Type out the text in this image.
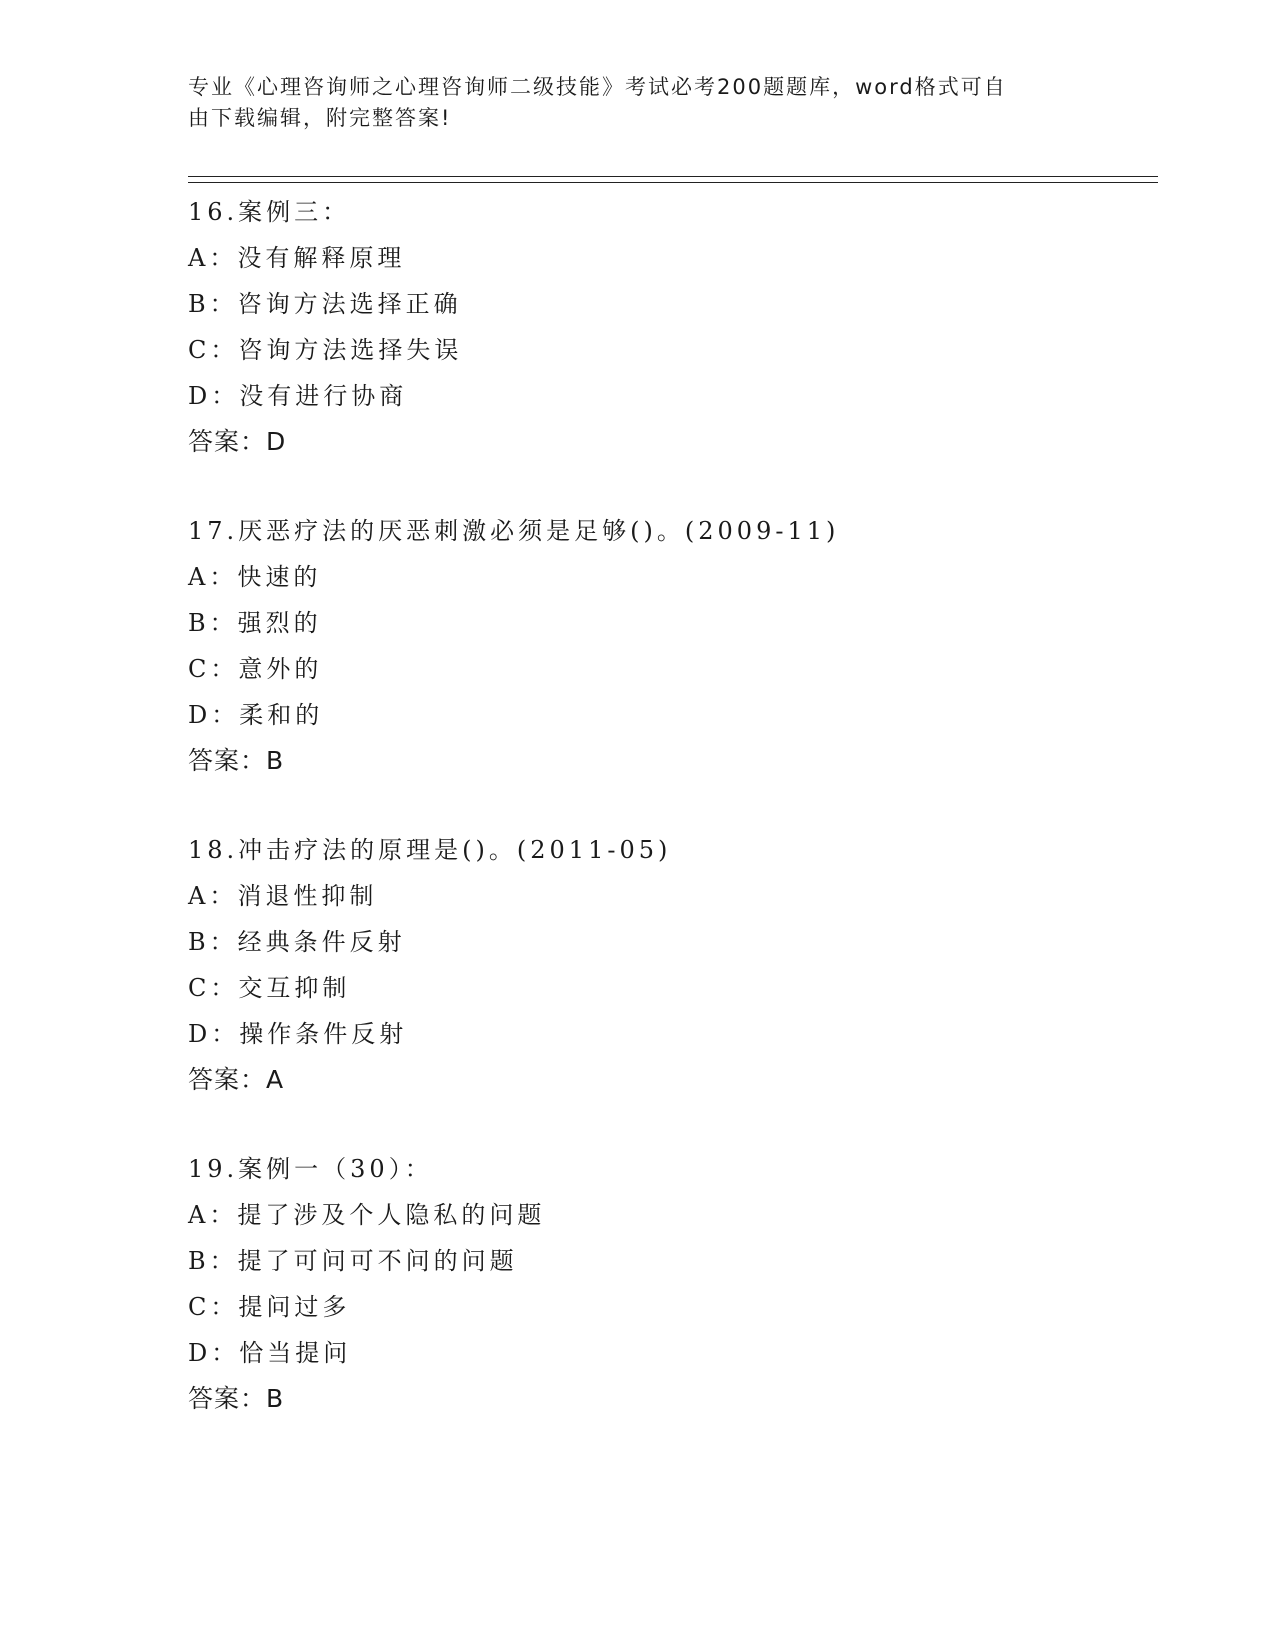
专业《心理咨询师之心理咨询师二级技能》考试必考200题题库，word格式可自
由下载编辑，附完整答案!
16.案例三：
A：没有解释原理
B：咨询方法选择正确
C：咨询方法选择失误
D：没有进行协商
答案：D
17.厌恶疗法的厌恶刺激必须是足够()。(2009-11)
A：快速的
B：强烈的
C：意外的
D：柔和的
答案：B
18.冲击疗法的原理是()。(2011-05)
A：消退性抑制
B：经典条件反射
C：交互抑制
D：操作条件反射
答案：A
19.案例一（30）：
A：提了涉及个人隐私的问题
B：提了可问可不问的问题
C：提问过多
D：恰当提问
答案：B
